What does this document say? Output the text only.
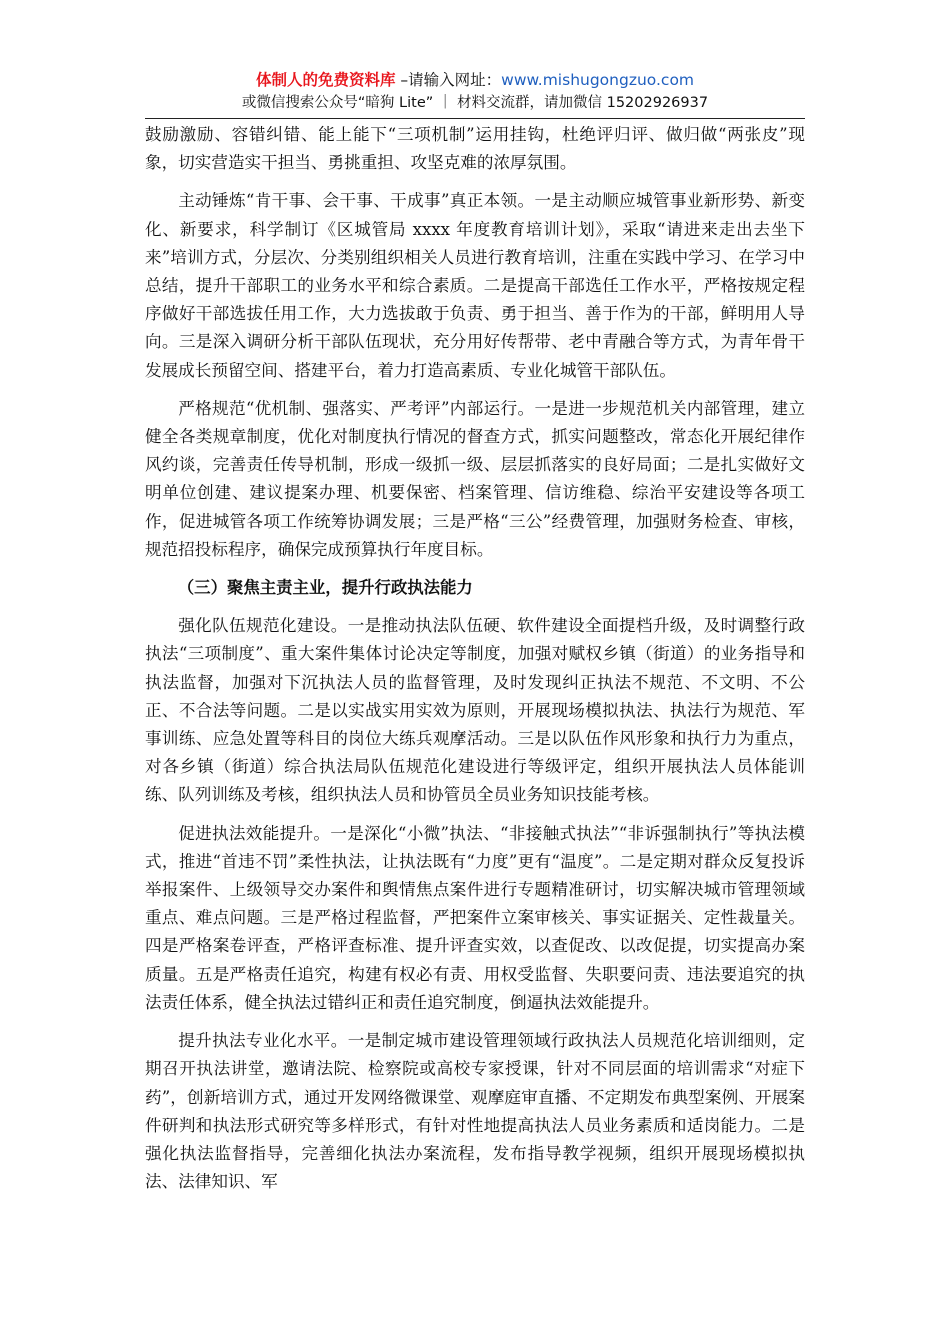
体制人的免费资料库 –请输入网址：www.mishugongzuo.com
或微信搜索公众号“暗狗 Lite” ｜ 材料交流群，请加微信 15202926937

鼓励激励、容错纠错、能上能下“三项机制”运用挂钩，杜绝评归评、做归做“两张皮”现象，切实营造实干担当、勇挑重担、攻坚克难的浓厚氛围。

主动锤炼“肯干事、会干事、干成事”真正本领。一是主动顺应城管事业新形势、新变化、新要求，科学制订《区城管局 xxxx 年度教育培训计划》，采取“请进来走出去坐下来”培训方式，分层次、分类别组织相关人员进行教育培训，注重在实践中学习、在学习中总结，提升干部职工的业务水平和综合素质。二是提高干部选任工作水平，严格按规定程序做好干部选拔任用工作，大力选拔敢于负责、勇于担当、善于作为的干部，鲜明用人导向。三是深入调研分析干部队伍现状，充分用好传帮带、老中青融合等方式，为青年骨干发展成长预留空间、搭建平台，着力打造高素质、专业化城管干部队伍。

严格规范“优机制、强落实、严考评”内部运行。一是进一步规范机关内部管理，建立健全各类规章制度，优化对制度执行情况的督查方式，抓实问题整改，常态化开展纪律作风约谈，完善责任传导机制，形成一级抓一级、层层抓落实的良好局面；二是扎实做好文明单位创建、建议提案办理、机要保密、档案管理、信访维稳、综治平安建设等各项工作，促进城管各项工作统筹协调发展；三是严格“三公”经费管理，加强财务检查、审核，规范招投标程序，确保完成预算执行年度目标。

（三）聚焦主责主业，提升行政执法能力

强化队伍规范化建设。一是推动执法队伍硬、软件建设全面提档升级，及时调整行政执法“三项制度”、重大案件集体讨论决定等制度，加强对赋权乡镇（街道）的业务指导和执法监督，加强对下沉执法人员的监督管理，及时发现纠正执法不规范、不文明、不公正、不合法等问题。二是以实战实用实效为原则，开展现场模拟执法、执法行为规范、军事训练、应急处置等科目的岗位大练兵观摩活动。三是以队伍作风形象和执行力为重点，对各乡镇（街道）综合执法局队伍规范化建设进行等级评定，组织开展执法人员体能训练、队列训练及考核，组织执法人员和协管员全员业务知识技能考核。

促进执法效能提升。一是深化“小微”执法、“非接触式执法”“非诉强制执行”等执法模式，推进“首违不罚”柔性执法，让执法既有“力度”更有“温度”。二是定期对群众反复投诉举报案件、上级领导交办案件和舆情焦点案件进行专题精准研讨，切实解决城市管理领域重点、难点问题。三是严格过程监督，严把案件立案审核关、事实证据关、定性裁量关。四是严格案卷评查，严格评查标准、提升评查实效，以查促改、以改促提，切实提高办案质量。五是严格责任追究，构建有权必有责、用权受监督、失职要问责、违法要追究的执法责任体系，健全执法过错纠正和责任追究制度，倒逼执法效能提升。

提升执法专业化水平。一是制定城市建设管理领域行政执法人员规范化培训细则，定期召开执法讲堂，邀请法院、检察院或高校专家授课，针对不同层面的培训需求“对症下药”，创新培训方式，通过开发网络微课堂、观摩庭审直播、不定期发布典型案例、开展案件研判和执法形式研究等多样形式，有针对性地提高执法人员业务素质和适岗能力。二是强化执法监督指导，完善细化执法办案流程，发布指导教学视频，组织开展现场模拟执法、法律知识、军
